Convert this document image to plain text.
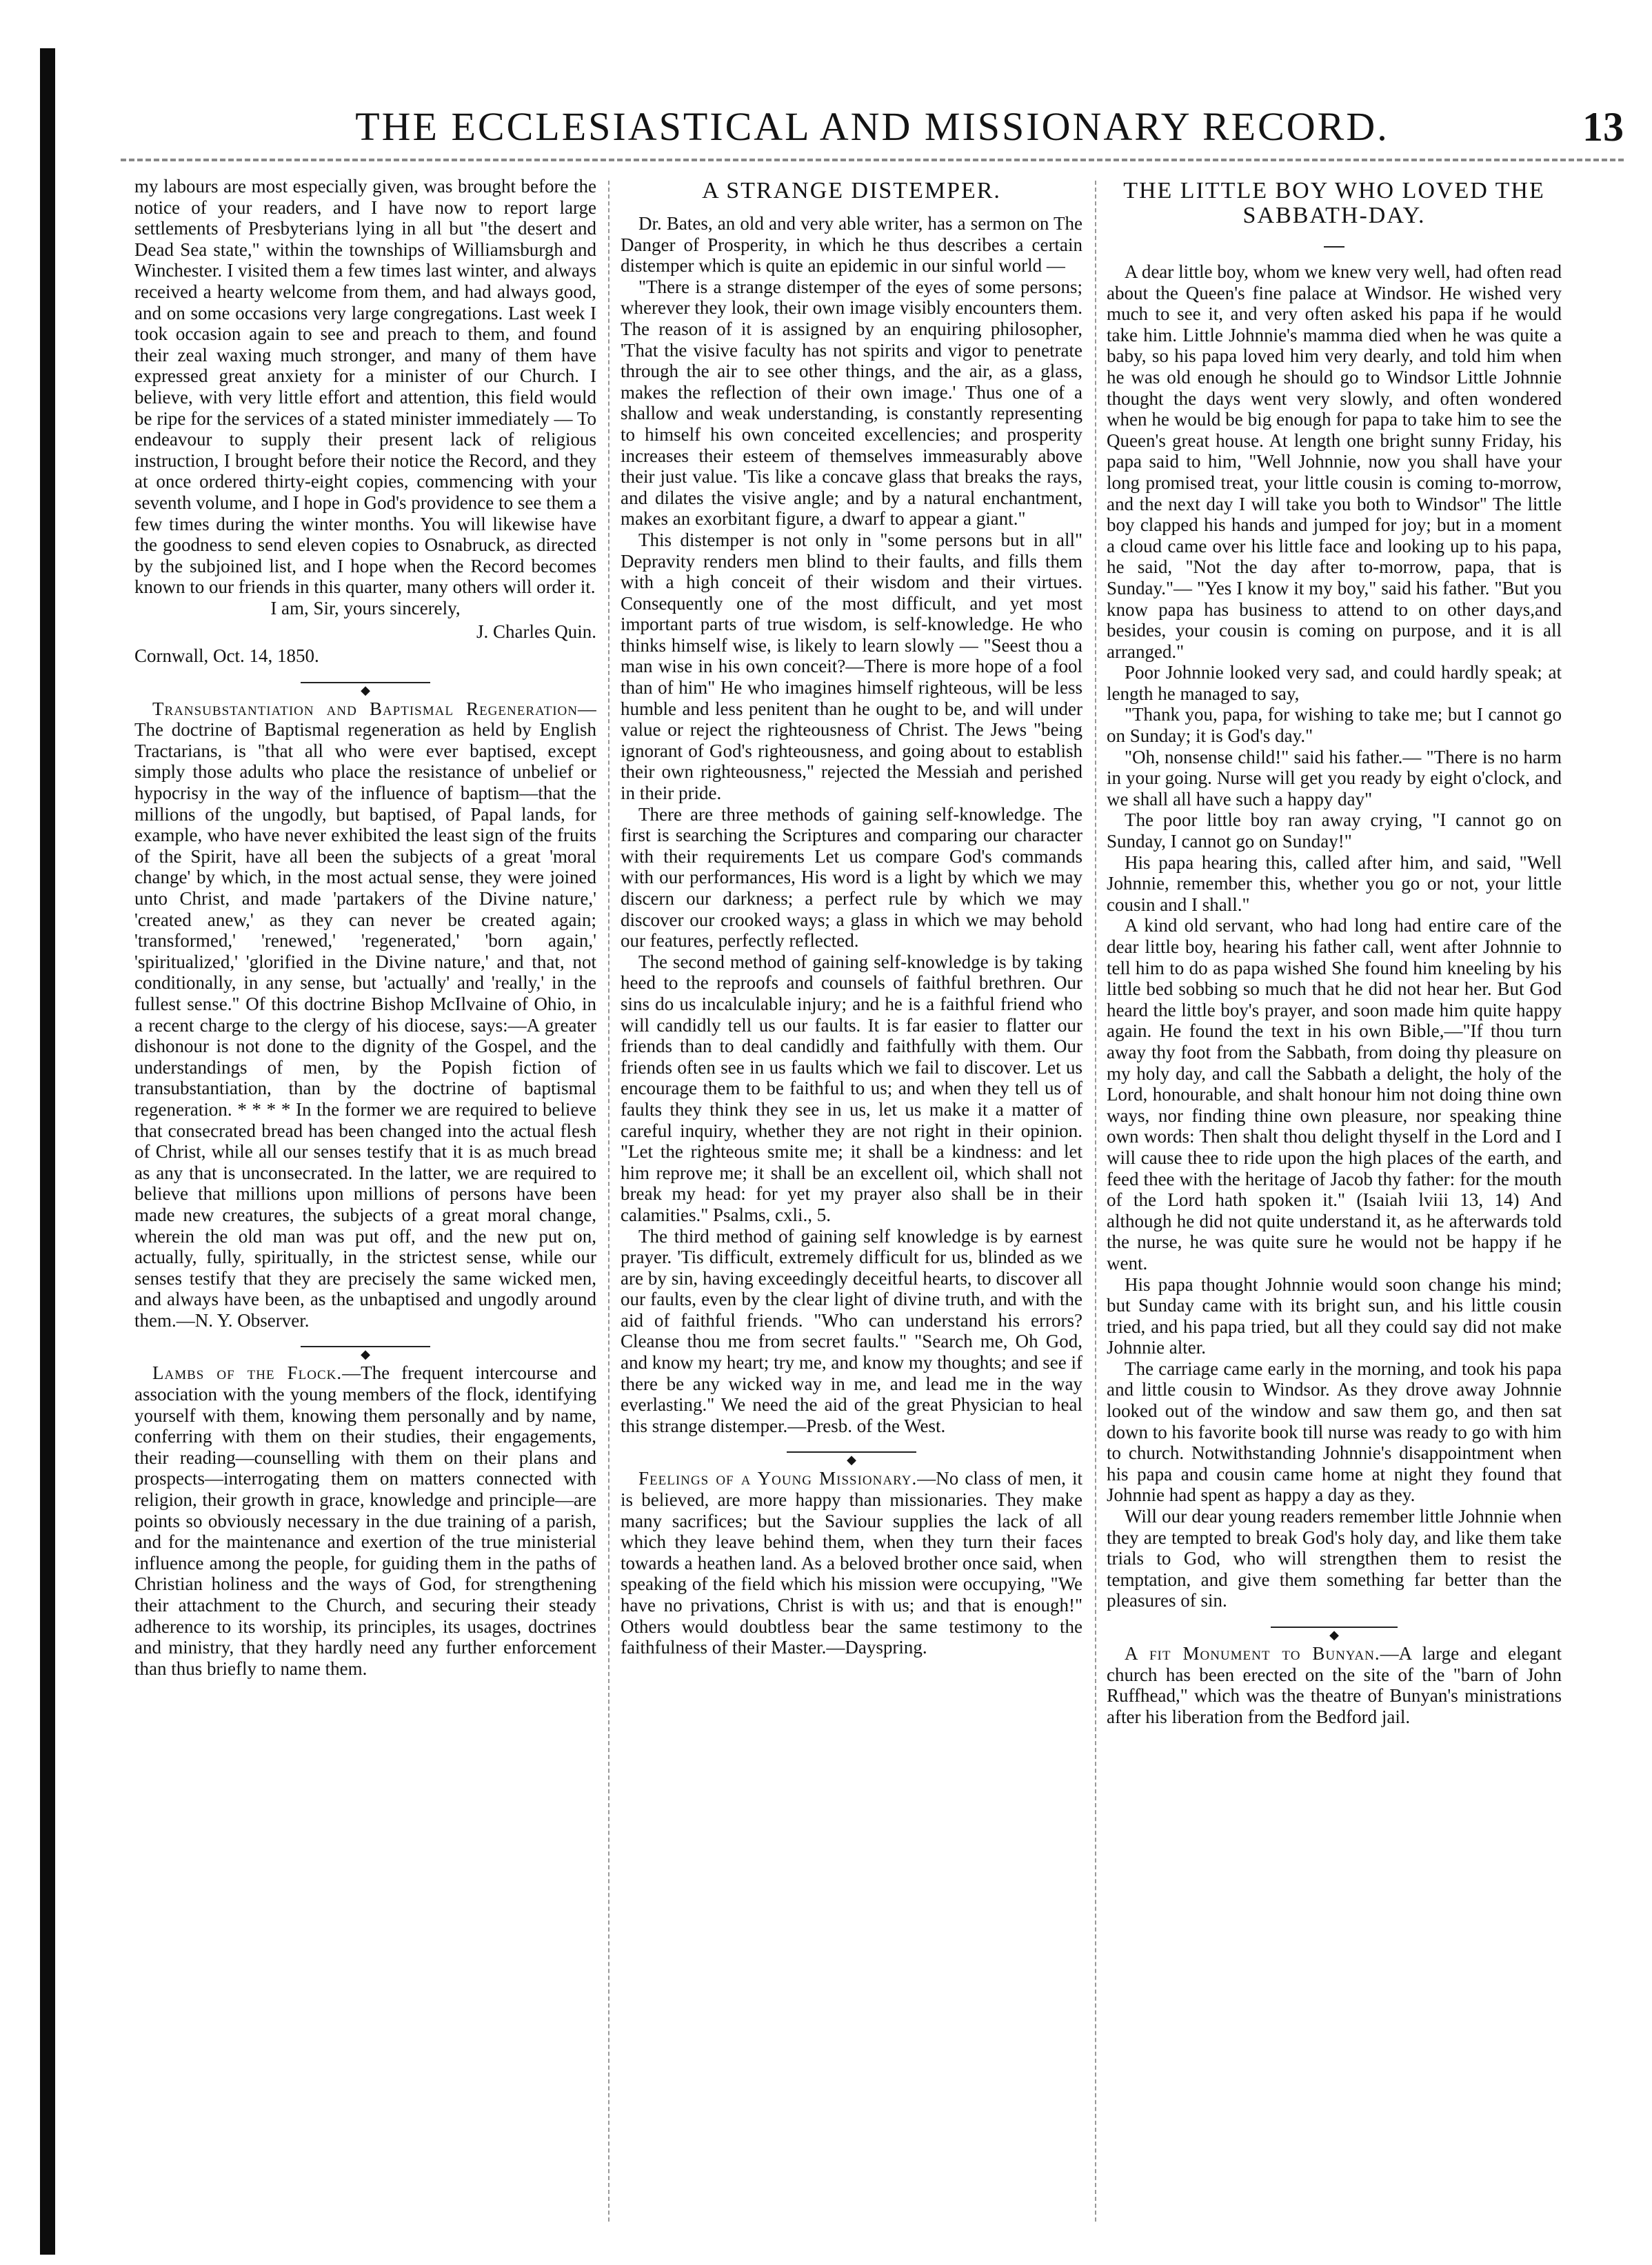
THE ECCLESIASTICAL AND MISSIONARY RECORD.	13

my labours are most especially given, was brought before the notice of your readers, and I have now to report large settlements of Presbyterians lying in all but "the desert and Dead Sea state," within the townships of Williamsburgh and Winchester. I visited them a few times last winter, and always received a hearty welcome from them, and had always good, and on some occasions very large congregations. Last week I took occasion again to see and preach to them, and found their zeal waxing much stronger, and many of them have expressed great anxiety for a minister of our Church. I believe, with very little effort and attention, this field would be ripe for the services of a stated minister immediately — To endeavour to supply their present lack of religious instruction, I brought before their notice the Record, and they at once ordered thirty-eight copies, commencing with your seventh volume, and I hope in God's providence to see them a few times during the winter months. You will likewise have the goodness to send eleven copies to Osnabruck, as directed by the subjoined list, and I hope when the Record becomes known to our friends in this quarter, many others will order it.

I am, Sir, yours sincerely,

J. Charles Quin.

Cornwall, Oct. 14, 1850.

◆

Transubstantiation and Baptismal Regeneration—The doctrine of Baptismal regeneration as held by English Tractarians, is "that all who were ever baptised, except simply those adults who place the resistance of unbelief or hypocrisy in the way of the influence of baptism—that the millions of the ungodly, but baptised, of Papal lands, for example, who have never exhibited the least sign of the fruits of the Spirit, have all been the subjects of a great 'moral change' by which, in the most actual sense, they were joined unto Christ, and made 'partakers of the Divine nature,' 'created anew,' as they can never be created again; 'transformed,' 'renewed,' 'regenerated,' 'born again,' 'spiritualized,' 'glorified in the Divine nature,' and that, not conditionally, in any sense, but 'actually' and 'really,' in the fullest sense." Of this doctrine Bishop McIlvaine of Ohio, in a recent charge to the clergy of his diocese, says:—A greater dishonour is not done to the dignity of the Gospel, and the understandings of men, by the Popish fiction of transubstantiation, than by the doctrine of baptismal regeneration. * * * * In the former we are required to believe that consecrated bread has been changed into the actual flesh of Christ, while all our senses testify that it is as much bread as any that is unconsecrated. In the latter, we are required to believe that millions upon millions of persons have been made new creatures, the subjects of a great moral change, wherein the old man was put off, and the new put on, actually, fully, spiritually, in the strictest sense, while our senses testify that they are precisely the same wicked men, and always have been, as the unbaptised and ungodly around them.—N. Y. Observer.

◆

Lambs of the Flock.—The frequent intercourse and association with the young members of the flock, identifying yourself with them, knowing them personally and by name, conferring with them on their studies, their engagements, their reading—counselling with them on their plans and prospects—interrogating them on matters connected with religion, their growth in grace, knowledge and principle—are points so obviously necessary in the due training of a parish, and for the maintenance and exertion of the true ministerial influence among the people, for guiding them in the paths of Christian holiness and the ways of God, for strengthening their attachment to the Church, and securing their steady adherence to its worship, its principles, its usages, doctrines and ministry, that they hardly need any further enforcement than thus briefly to name them.

A STRANGE DISTEMPER.

Dr. Bates, an old and very able writer, has a sermon on The Danger of Prosperity, in which he thus describes a certain distemper which is quite an epidemic in our sinful world —

"There is a strange distemper of the eyes of some persons; wherever they look, their own image visibly encounters them. The reason of it is assigned by an enquiring philosopher, 'That the visive faculty has not spirits and vigor to penetrate through the air to see other things, and the air, as a glass, makes the reflection of their own image.' Thus one of a shallow and weak understanding, is constantly representing to himself his own conceited excellencies; and prosperity increases their esteem of themselves immeasurably above their just value. 'Tis like a concave glass that breaks the rays, and dilates the visive angle; and by a natural enchantment, makes an exorbitant figure, a dwarf to appear a giant."

This distemper is not only in "some persons but in all" Depravity renders men blind to their faults, and fills them with a high conceit of their wisdom and their virtues. Consequently one of the most difficult, and yet most important parts of true wisdom, is self-knowledge. He who thinks himself wise, is likely to learn slowly — "Seest thou a man wise in his own conceit?—There is more hope of a fool than of him" He who imagines himself righteous, will be less humble and less penitent than he ought to be, and will under value or reject the righteousness of Christ. The Jews "being ignorant of God's righteousness, and going about to establish their own righteousness," rejected the Messiah and perished in their pride.

There are three methods of gaining self-knowledge. The first is searching the Scriptures and comparing our character with their requirements Let us compare God's commands with our performances, His word is a light by which we may discern our darkness; a perfect rule by which we may discover our crooked ways; a glass in which we may behold our features, perfectly reflected.

The second method of gaining self-knowledge is by taking heed to the reproofs and counsels of faithful brethren. Our sins do us incalculable injury; and he is a faithful friend who will candidly tell us our faults. It is far easier to flatter our friends than to deal candidly and faithfully with them. Our friends often see in us faults which we fail to discover. Let us encourage them to be faithful to us; and when they tell us of faults they think they see in us, let us make it a matter of careful inquiry, whether they are not right in their opinion. "Let the righteous smite me; it shall be a kindness: and let him reprove me; it shall be an excellent oil, which shall not break my head: for yet my prayer also shall be in their calamities." Psalms, cxli., 5.

The third method of gaining self knowledge is by earnest prayer. 'Tis difficult, extremely difficult for us, blinded as we are by sin, having exceedingly deceitful hearts, to discover all our faults, even by the clear light of divine truth, and with the aid of faithful friends. "Who can understand his errors? Cleanse thou me from secret faults." "Search me, Oh God, and know my heart; try me, and know my thoughts; and see if there be any wicked way in me, and lead me in the way everlasting." We need the aid of the great Physician to heal this strange distemper.—Presb. of the West.

◆

Feelings of a Young Missionary.—No class of men, it is believed, are more happy than missionaries. They make many sacrifices; but the Saviour supplies the lack of all which they leave behind them, when they turn their faces towards a heathen land. As a beloved brother once said, when speaking of the field which his mission were occupying, "We have no privations, Christ is with us; and that is enough!" Others would doubtless bear the same testimony to the faithfulness of their Master.—Dayspring.

THE LITTLE BOY WHO LOVED THE SABBATH-DAY.

A dear little boy, whom we knew very well, had often read about the Queen's fine palace at Windsor. He wished very much to see it, and very often asked his papa if he would take him. Little Johnnie's mamma died when he was quite a baby, so his papa loved him very dearly, and told him when he was old enough he should go to Windsor Little Johnnie thought the days went very slowly, and often wondered when he would be big enough for papa to take him to see the Queen's great house. At length one bright sunny Friday, his papa said to him, "Well Johnnie, now you shall have your long promised treat, your little cousin is coming to-morrow, and the next day I will take you both to Windsor" The little boy clapped his hands and jumped for joy; but in a moment a cloud came over his little face and looking up to his papa, he said, "Not the day after to-morrow, papa, that is Sunday."— "Yes I know it my boy," said his father. "But you know papa has business to attend to on other days,and besides, your cousin is coming on purpose, and it is all arranged."

Poor Johnnie looked very sad, and could hardly speak; at length he managed to say,

"Thank you, papa, for wishing to take me; but I cannot go on Sunday; it is God's day."

"Oh, nonsense child!" said his father.— "There is no harm in your going. Nurse will get you ready by eight o'clock, and we shall all have such a happy day"

The poor little boy ran away crying, "I cannot go on Sunday, I cannot go on Sunday!"

His papa hearing this, called after him, and said, "Well Johnnie, remember this, whether you go or not, your little cousin and I shall."

A kind old servant, who had long had entire care of the dear little boy, hearing his father call, went after Johnnie to tell him to do as papa wished She found him kneeling by his little bed sobbing so much that he did not hear her. But God heard the little boy's prayer, and soon made him quite happy again. He found the text in his own Bible,—"If thou turn away thy foot from the Sabbath, from doing thy pleasure on my holy day, and call the Sabbath a delight, the holy of the Lord, honourable, and shalt honour him not doing thine own ways, nor finding thine own pleasure, nor speaking thine own words: Then shalt thou delight thyself in the Lord and I will cause thee to ride upon the high places of the earth, and feed thee with the heritage of Jacob thy father: for the mouth of the Lord hath spoken it." (Isaiah lviii 13, 14) And although he did not quite understand it, as he afterwards told the nurse, he was quite sure he would not be happy if he went.

His papa thought Johnnie would soon change his mind; but Sunday came with its bright sun, and his little cousin tried, and his papa tried, but all they could say did not make Johnnie alter.

The carriage came early in the morning, and took his papa and little cousin to Windsor. As they drove away Johnnie looked out of the window and saw them go, and then sat down to his favorite book till nurse was ready to go with him to church. Notwithstanding Johnnie's disappointment when his papa and cousin came home at night they found that Johnnie had spent as happy a day as they.

Will our dear young readers remember little Johnnie when they are tempted to break God's holy day, and like them take trials to God, who will strengthen them to resist the temptation, and give them something far better than the pleasures of sin.

◆

A fit Monument to Bunyan.—A large and elegant church has been erected on the site of the "barn of John Ruffhead," which was the theatre of Bunyan's ministrations after his liberation from the Bedford jail.
